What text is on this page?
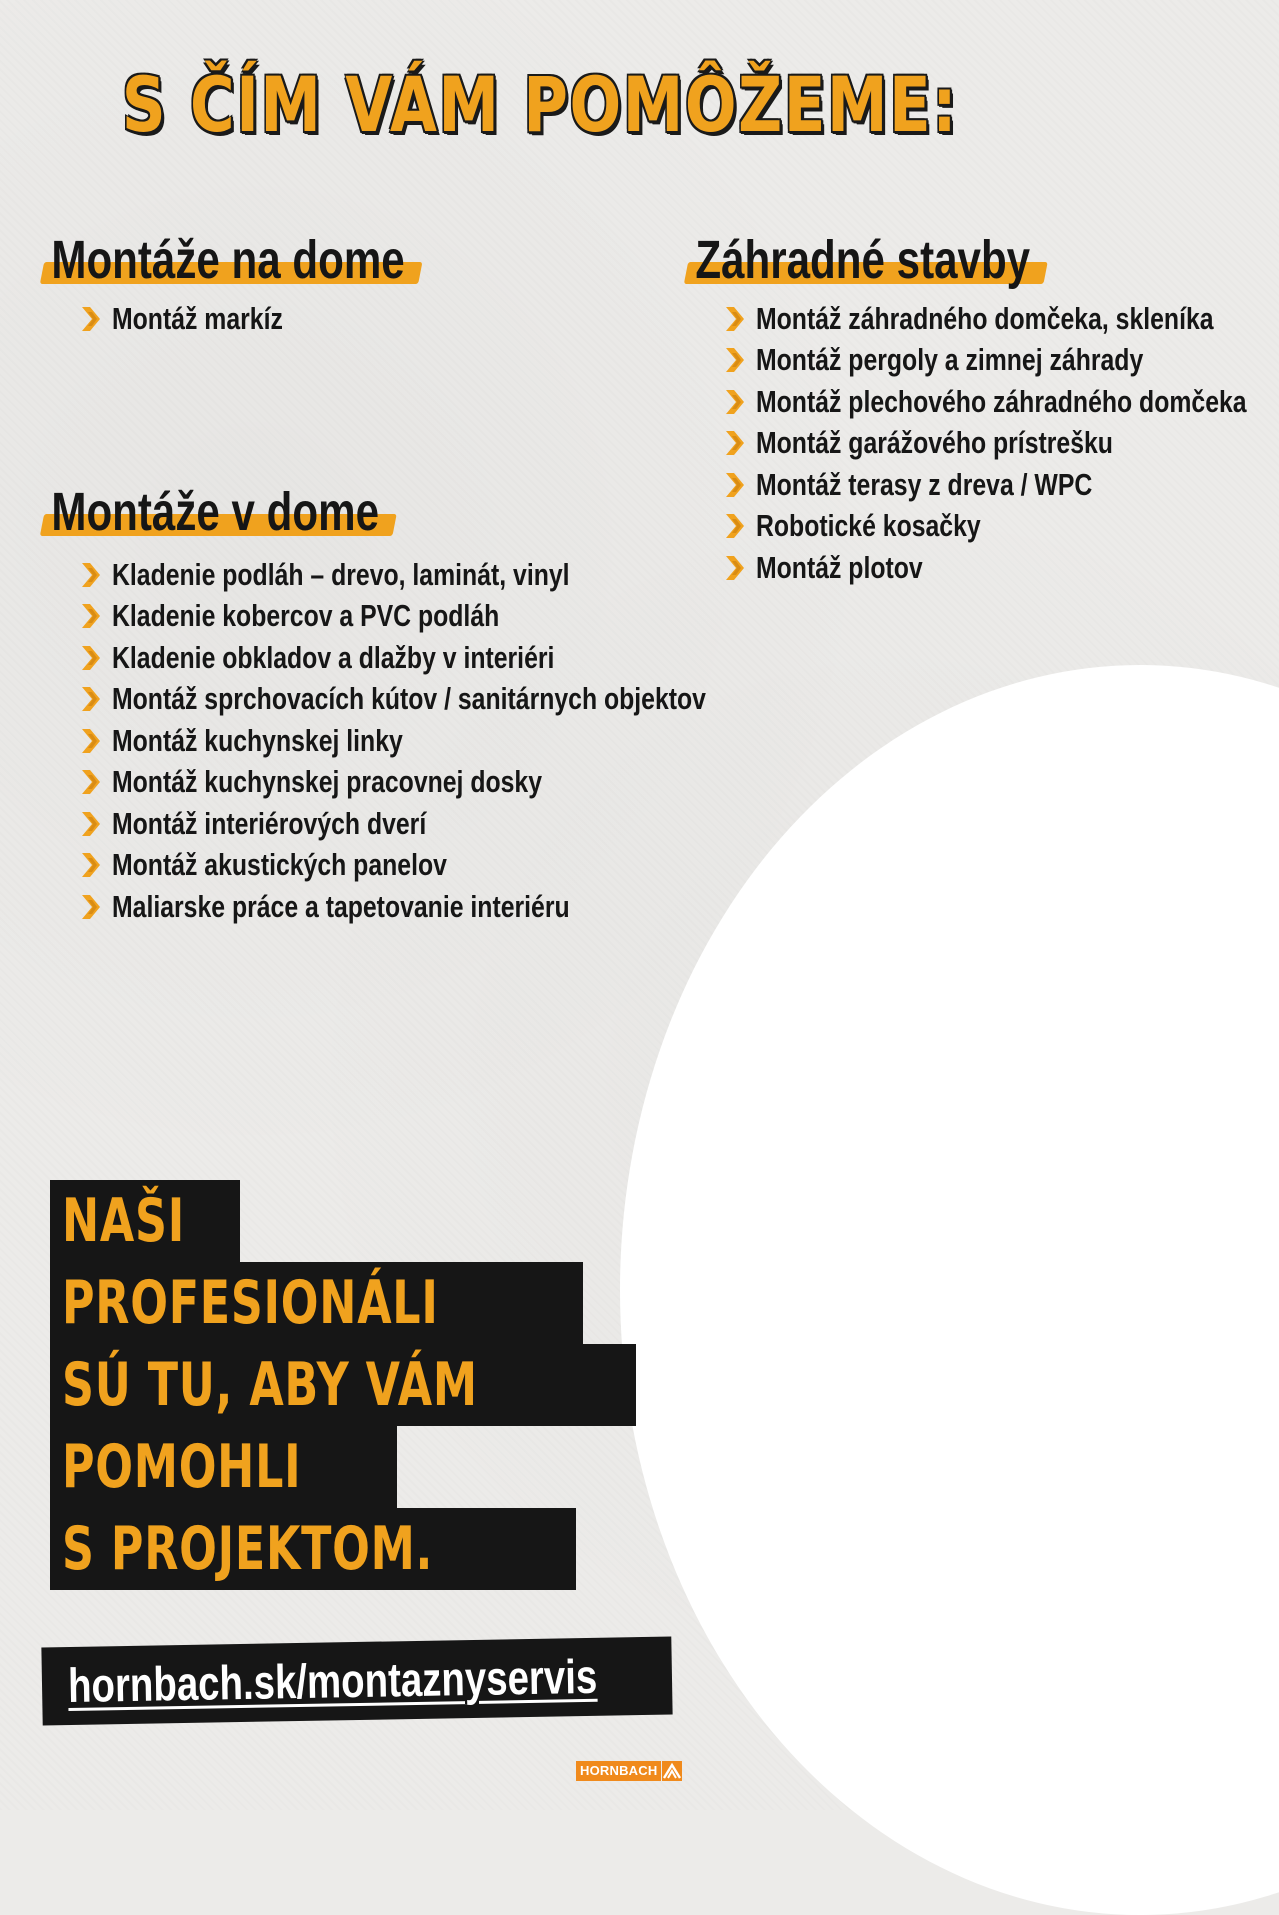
S ČÍM VÁM POMÔŽEME:
Montáže na dome
Montáž markíz
Montáže v dome
Kladenie podláh – drevo, laminát, vinyl
Kladenie kobercov a PVC podláh
Kladenie obkladov a dlažby v interiéri
Montáž sprchovacích kútov / sanitárnych objektov
Montáž kuchynskej linky
Montáž kuchynskej pracovnej dosky
Montáž interiérových dverí
Montáž akustických panelov
Maliarske práce a tapetovanie interiéru
Záhradné stavby
Montáž záhradného domčeka, skleníka
Montáž pergoly a zimnej záhrady
Montáž plechového záhradného domčeka
Montáž garážového prístrešku
Montáž terasy z dreva / WPC
Robotické kosačky
Montáž plotov
NAŠI
PROFESIONÁLI
SÚ TU, ABY VÁM
POMOHLI
S PROJEKTOM.
hornbach.sk/montaznyservis
HORNBACH
